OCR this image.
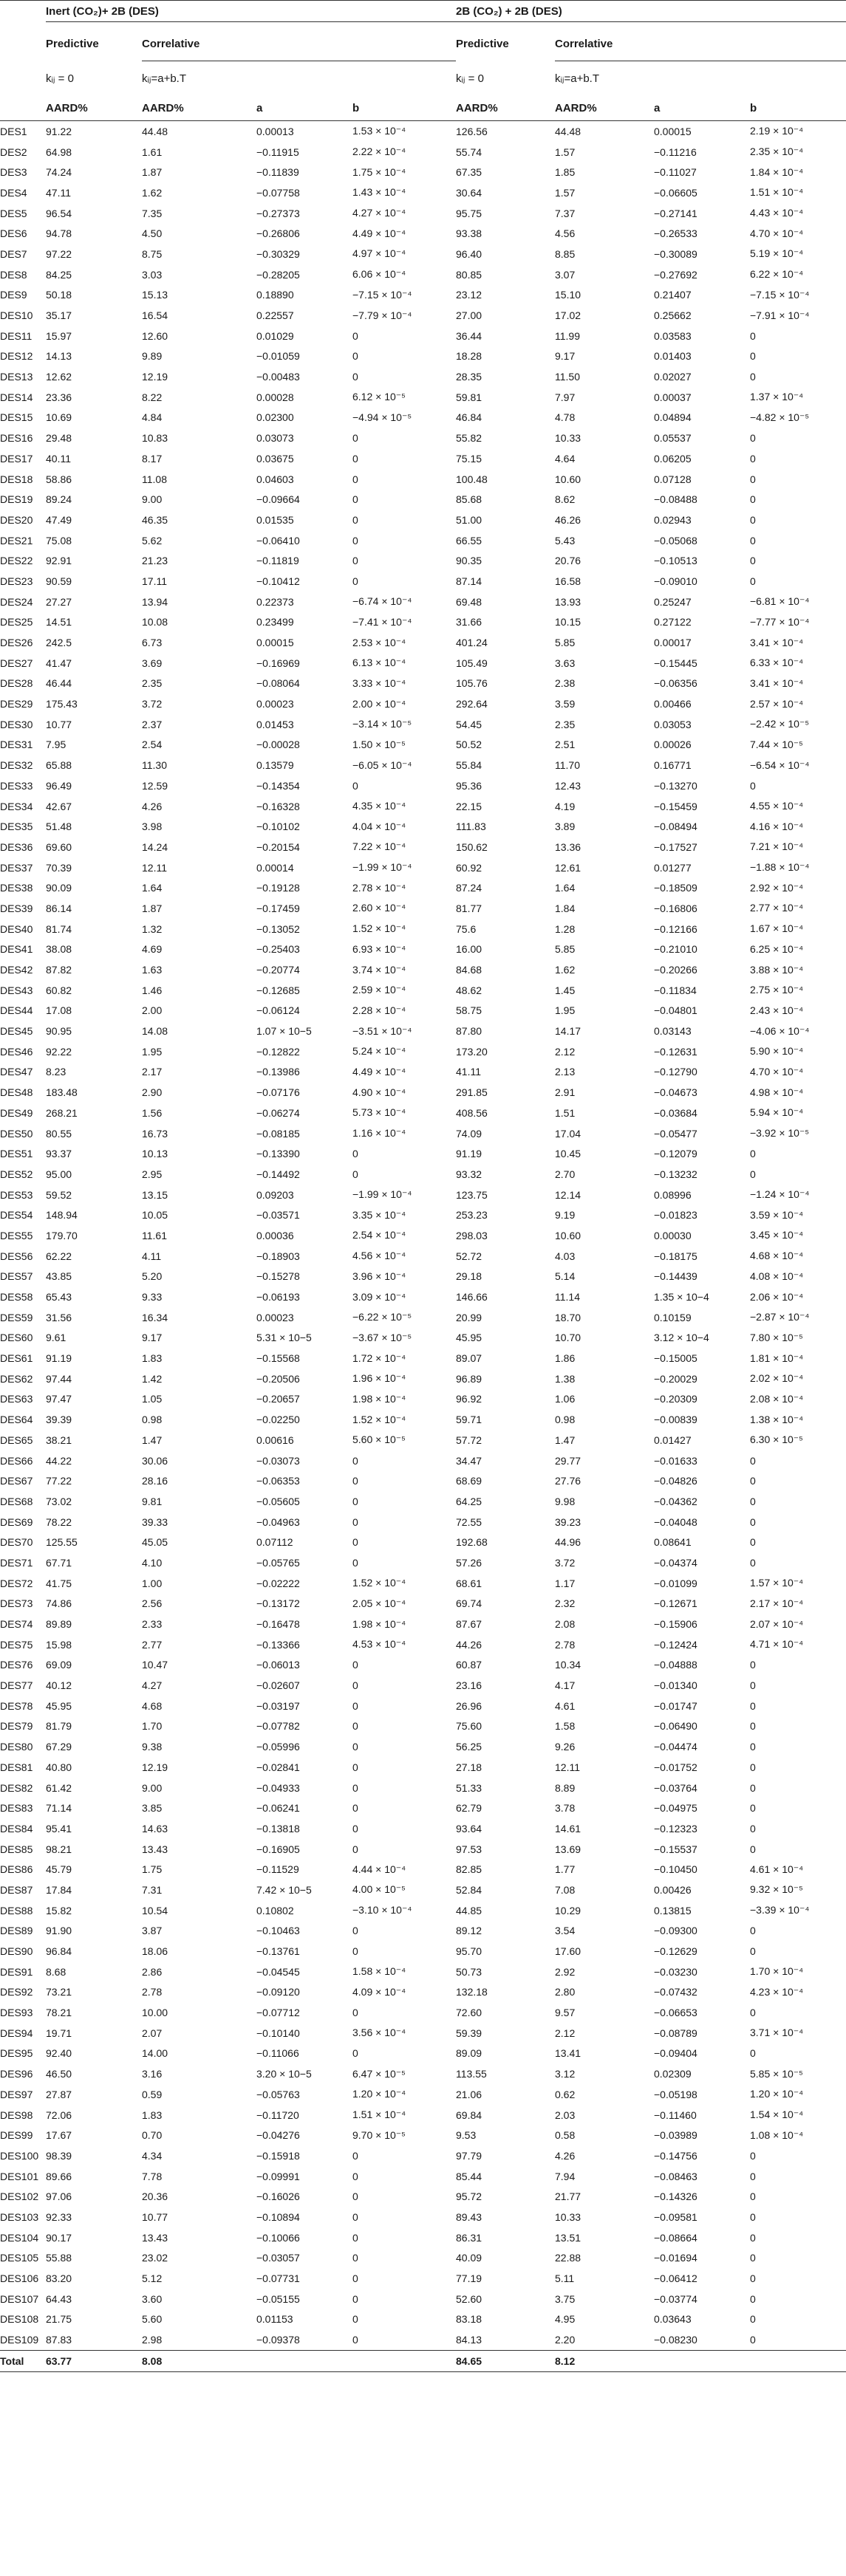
	Inert (CO₂)+ 2B (DES)				2B (CO₂) + 2B (DES)			
	Predictive	Correlative			Predictive	Correlative		
	kᵢⱼ = 0	kᵢⱼ=a+b.T			kᵢⱼ = 0	kᵢⱼ=a+b.T		
	AARD%	AARD%	a	b	AARD%	AARD%	a	b
DES1	91.22	44.48	0.00013	1.53 × 10⁻⁴	126.56	44.48	0.00015	2.19 × 10⁻⁴
DES2	64.98	1.61	−0.11915	2.22 × 10⁻⁴	55.74	1.57	−0.11216	2.35 × 10⁻⁴
DES3	74.24	1.87	−0.11839	1.75 × 10⁻⁴	67.35	1.85	−0.11027	1.84 × 10⁻⁴
DES4	47.11	1.62	−0.07758	1.43 × 10⁻⁴	30.64	1.57	−0.06605	1.51 × 10⁻⁴
DES5	96.54	7.35	−0.27373	4.27 × 10⁻⁴	95.75	7.37	−0.27141	4.43 × 10⁻⁴
DES6	94.78	4.50	−0.26806	4.49 × 10⁻⁴	93.38	4.56	−0.26533	4.70 × 10⁻⁴
DES7	97.22	8.75	−0.30329	4.97 × 10⁻⁴	96.40	8.85	−0.30089	5.19 × 10⁻⁴
DES8	84.25	3.03	−0.28205	6.06 × 10⁻⁴	80.85	3.07	−0.27692	6.22 × 10⁻⁴
DES9	50.18	15.13	0.18890	−7.15 × 10⁻⁴	23.12	15.10	0.21407	−7.15 × 10⁻⁴
DES10	35.17	16.54	0.22557	−7.79 × 10⁻⁴	27.00	17.02	0.25662	−7.91 × 10⁻⁴
DES11	15.97	12.60	0.01029	0	36.44	11.99	0.03583	0
DES12	14.13	9.89	−0.01059	0	18.28	9.17	0.01403	0
DES13	12.62	12.19	−0.00483	0	28.35	11.50	0.02027	0
DES14	23.36	8.22	0.00028	6.12 × 10⁻⁵	59.81	7.97	0.00037	1.37 × 10⁻⁴
DES15	10.69	4.84	0.02300	−4.94 × 10⁻⁵	46.84	4.78	0.04894	−4.82 × 10⁻⁵
DES16	29.48	10.83	0.03073	0	55.82	10.33	0.05537	0
DES17	40.11	8.17	0.03675	0	75.15	4.64	0.06205	0
DES18	58.86	11.08	0.04603	0	100.48	10.60	0.07128	0
DES19	89.24	9.00	−0.09664	0	85.68	8.62	−0.08488	0
DES20	47.49	46.35	0.01535	0	51.00	46.26	0.02943	0
DES21	75.08	5.62	−0.06410	0	66.55	5.43	−0.05068	0
DES22	92.91	21.23	−0.11819	0	90.35	20.76	−0.10513	0
DES23	90.59	17.11	−0.10412	0	87.14	16.58	−0.09010	0
DES24	27.27	13.94	0.22373	−6.74 × 10⁻⁴	69.48	13.93	0.25247	−6.81 × 10⁻⁴
DES25	14.51	10.08	0.23499	−7.41 × 10⁻⁴	31.66	10.15	0.27122	−7.77 × 10⁻⁴
DES26	242.5	6.73	0.00015	2.53 × 10⁻⁴	401.24	5.85	0.00017	3.41 × 10⁻⁴
DES27	41.47	3.69	−0.16969	6.13 × 10⁻⁴	105.49	3.63	−0.15445	6.33 × 10⁻⁴
DES28	46.44	2.35	−0.08064	3.33 × 10⁻⁴	105.76	2.38	−0.06356	3.41 × 10⁻⁴
DES29	175.43	3.72	0.00023	2.00 × 10⁻⁴	292.64	3.59	0.00466	2.57 × 10⁻⁴
DES30	10.77	2.37	0.01453	−3.14 × 10⁻⁵	54.45	2.35	0.03053	−2.42 × 10⁻⁵
DES31	7.95	2.54	−0.00028	1.50 × 10⁻⁵	50.52	2.51	0.00026	7.44 × 10⁻⁵
DES32	65.88	11.30	0.13579	−6.05 × 10⁻⁴	55.84	11.70	0.16771	−6.54 × 10⁻⁴
DES33	96.49	12.59	−0.14354	0	95.36	12.43	−0.13270	0
DES34	42.67	4.26	−0.16328	4.35 × 10⁻⁴	22.15	4.19	−0.15459	4.55 × 10⁻⁴
DES35	51.48	3.98	−0.10102	4.04 × 10⁻⁴	111.83	3.89	−0.08494	4.16 × 10⁻⁴
DES36	69.60	14.24	−0.20154	7.22 × 10⁻⁴	150.62	13.36	−0.17527	7.21 × 10⁻⁴
DES37	70.39	12.11	0.00014	−1.99 × 10⁻⁴	60.92	12.61	0.01277	−1.88 × 10⁻⁴
DES38	90.09	1.64	−0.19128	2.78 × 10⁻⁴	87.24	1.64	−0.18509	2.92 × 10⁻⁴
DES39	86.14	1.87	−0.17459	2.60 × 10⁻⁴	81.77	1.84	−0.16806	2.77 × 10⁻⁴
DES40	81.74	1.32	−0.13052	1.52 × 10⁻⁴	75.6	1.28	−0.12166	1.67 × 10⁻⁴
DES41	38.08	4.69	−0.25403	6.93 × 10⁻⁴	16.00	5.85	−0.21010	6.25 × 10⁻⁴
DES42	87.82	1.63	−0.20774	3.74 × 10⁻⁴	84.68	1.62	−0.20266	3.88 × 10⁻⁴
DES43	60.82	1.46	−0.12685	2.59 × 10⁻⁴	48.62	1.45	−0.11834	2.75 × 10⁻⁴
DES44	17.08	2.00	−0.06124	2.28 × 10⁻⁴	58.75	1.95	−0.04801	2.43 × 10⁻⁴
DES45	90.95	14.08	1.07 × 10−5	−3.51 × 10⁻⁴	87.80	14.17	0.03143	−4.06 × 10⁻⁴
DES46	92.22	1.95	−0.12822	5.24 × 10⁻⁴	173.20	2.12	−0.12631	5.90 × 10⁻⁴
DES47	8.23	2.17	−0.13986	4.49 × 10⁻⁴	41.11	2.13	−0.12790	4.70 × 10⁻⁴
DES48	183.48	2.90	−0.07176	4.90 × 10⁻⁴	291.85	2.91	−0.04673	4.98 × 10⁻⁴
DES49	268.21	1.56	−0.06274	5.73 × 10⁻⁴	408.56	1.51	−0.03684	5.94 × 10⁻⁴
DES50	80.55	16.73	−0.08185	1.16 × 10⁻⁴	74.09	17.04	−0.05477	−3.92 × 10⁻⁵
DES51	93.37	10.13	−0.13390	0	91.19	10.45	−0.12079	0
DES52	95.00	2.95	−0.14492	0	93.32	2.70	−0.13232	0
DES53	59.52	13.15	0.09203	−1.99 × 10⁻⁴	123.75	12.14	0.08996	−1.24 × 10⁻⁴
DES54	148.94	10.05	−0.03571	3.35 × 10⁻⁴	253.23	9.19	−0.01823	3.59 × 10⁻⁴
DES55	179.70	11.61	0.00036	2.54 × 10⁻⁴	298.03	10.60	0.00030	3.45 × 10⁻⁴
DES56	62.22	4.11	−0.18903	4.56 × 10⁻⁴	52.72	4.03	−0.18175	4.68 × 10⁻⁴
DES57	43.85	5.20	−0.15278	3.96 × 10⁻⁴	29.18	5.14	−0.14439	4.08 × 10⁻⁴
DES58	65.43	9.33	−0.06193	3.09 × 10⁻⁴	146.66	11.14	1.35 × 10−4	2.06 × 10⁻⁴
DES59	31.56	16.34	0.00023	−6.22 × 10⁻⁵	20.99	18.70	0.10159	−2.87 × 10⁻⁴
DES60	9.61	9.17	5.31 × 10−5	−3.67 × 10⁻⁵	45.95	10.70	3.12 × 10−4	7.80 × 10⁻⁵
DES61	91.19	1.83	−0.15568	1.72 × 10⁻⁴	89.07	1.86	−0.15005	1.81 × 10⁻⁴
DES62	97.44	1.42	−0.20506	1.96 × 10⁻⁴	96.89	1.38	−0.20029	2.02 × 10⁻⁴
DES63	97.47	1.05	−0.20657	1.98 × 10⁻⁴	96.92	1.06	−0.20309	2.08 × 10⁻⁴
DES64	39.39	0.98	−0.02250	1.52 × 10⁻⁴	59.71	0.98	−0.00839	1.38 × 10⁻⁴
DES65	38.21	1.47	0.00616	5.60 × 10⁻⁵	57.72	1.47	0.01427	6.30 × 10⁻⁵
DES66	44.22	30.06	−0.03073	0	34.47	29.77	−0.01633	0
DES67	77.22	28.16	−0.06353	0	68.69	27.76	−0.04826	0
DES68	73.02	9.81	−0.05605	0	64.25	9.98	−0.04362	0
DES69	78.22	39.33	−0.04963	0	72.55	39.23	−0.04048	0
DES70	125.55	45.05	0.07112	0	192.68	44.96	0.08641	0
DES71	67.71	4.10	−0.05765	0	57.26	3.72	−0.04374	0
DES72	41.75	1.00	−0.02222	1.52 × 10⁻⁴	68.61	1.17	−0.01099	1.57 × 10⁻⁴
DES73	74.86	2.56	−0.13172	2.05 × 10⁻⁴	69.74	2.32	−0.12671	2.17 × 10⁻⁴
DES74	89.89	2.33	−0.16478	1.98 × 10⁻⁴	87.67	2.08	−0.15906	2.07 × 10⁻⁴
DES75	15.98	2.77	−0.13366	4.53 × 10⁻⁴	44.26	2.78	−0.12424	4.71 × 10⁻⁴
DES76	69.09	10.47	−0.06013	0	60.87	10.34	−0.04888	0
DES77	40.12	4.27	−0.02607	0	23.16	4.17	−0.01340	0
DES78	45.95	4.68	−0.03197	0	26.96	4.61	−0.01747	0
DES79	81.79	1.70	−0.07782	0	75.60	1.58	−0.06490	0
DES80	67.29	9.38	−0.05996	0	56.25	9.26	−0.04474	0
DES81	40.80	12.19	−0.02841	0	27.18	12.11	−0.01752	0
DES82	61.42	9.00	−0.04933	0	51.33	8.89	−0.03764	0
DES83	71.14	3.85	−0.06241	0	62.79	3.78	−0.04975	0
DES84	95.41	14.63	−0.13818	0	93.64	14.61	−0.12323	0
DES85	98.21	13.43	−0.16905	0	97.53	13.69	−0.15537	0
DES86	45.79	1.75	−0.11529	4.44 × 10⁻⁴	82.85	1.77	−0.10450	4.61 × 10⁻⁴
DES87	17.84	7.31	7.42 × 10−5	4.00 × 10⁻⁵	52.84	7.08	0.00426	9.32 × 10⁻⁵
DES88	15.82	10.54	0.10802	−3.10 × 10⁻⁴	44.85	10.29	0.13815	−3.39 × 10⁻⁴
DES89	91.90	3.87	−0.10463	0	89.12	3.54	−0.09300	0
DES90	96.84	18.06	−0.13761	0	95.70	17.60	−0.12629	0
DES91	8.68	2.86	−0.04545	1.58 × 10⁻⁴	50.73	2.92	−0.03230	1.70 × 10⁻⁴
DES92	73.21	2.78	−0.09120	4.09 × 10⁻⁴	132.18	2.80	−0.07432	4.23 × 10⁻⁴
DES93	78.21	10.00	−0.07712	0	72.60	9.57	−0.06653	0
DES94	19.71	2.07	−0.10140	3.56 × 10⁻⁴	59.39	2.12	−0.08789	3.71 × 10⁻⁴
DES95	92.40	14.00	−0.11066	0	89.09	13.41	−0.09404	0
DES96	46.50	3.16	3.20 × 10−5	6.47 × 10⁻⁵	113.55	3.12	0.02309	5.85 × 10⁻⁵
DES97	27.87	0.59	−0.05763	1.20 × 10⁻⁴	21.06	0.62	−0.05198	1.20 × 10⁻⁴
DES98	72.06	1.83	−0.11720	1.51 × 10⁻⁴	69.84	2.03	−0.11460	1.54 × 10⁻⁴
DES99	17.67	0.70	−0.04276	9.70 × 10⁻⁵	9.53	0.58	−0.03989	1.08 × 10⁻⁴
DES100	98.39	4.34	−0.15918	0	97.79	4.26	−0.14756	0
DES101	89.66	7.78	−0.09991	0	85.44	7.94	−0.08463	0
DES102	97.06	20.36	−0.16026	0	95.72	21.77	−0.14326	0
DES103	92.33	10.77	−0.10894	0	89.43	10.33	−0.09581	0
DES104	90.17	13.43	−0.10066	0	86.31	13.51	−0.08664	0
DES105	55.88	23.02	−0.03057	0	40.09	22.88	−0.01694	0
DES106	83.20	5.12	−0.07731	0	77.19	5.11	−0.06412	0
DES107	64.43	3.60	−0.05155	0	52.60	3.75	−0.03774	0
DES108	21.75	5.60	0.01153	0	83.18	4.95	0.03643	0
DES109	87.83	2.98	−0.09378	0	84.13	2.20	−0.08230	0
Total	63.77	8.08			84.65	8.12		
